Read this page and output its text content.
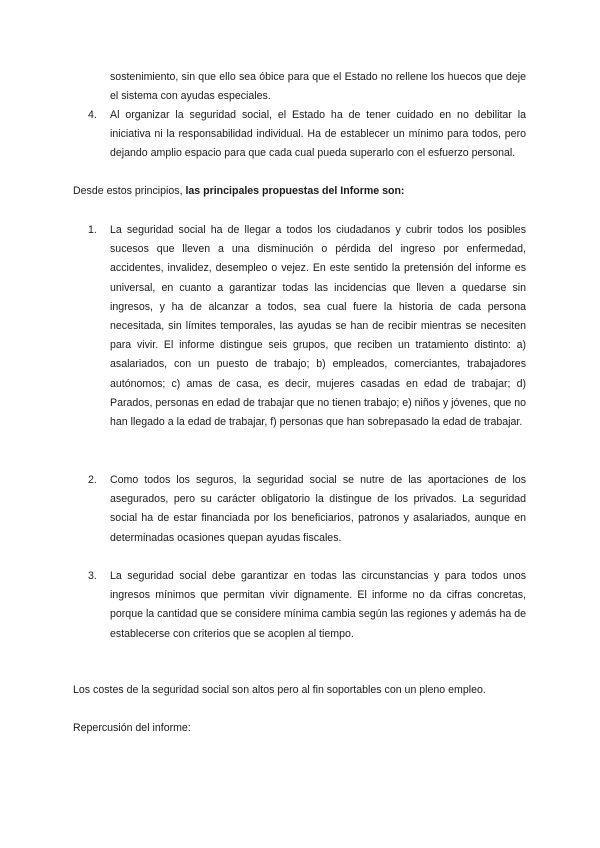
sostenimiento, sin que ello sea óbice para que el Estado no rellene los huecos que deje el sistema con ayudas especiales.

4.	Al organizar la seguridad social, el Estado ha de tener cuidado en no debilitar la iniciativa ni la responsabilidad individual. Ha de establecer un mínimo para todos, pero dejando amplio espacio para que cada cual pueda superarlo con el esfuerzo personal.

Desde estos principios, las principales propuestas del Informe son:

1.	La seguridad social ha de llegar a todos los ciudadanos y cubrir todos los posibles sucesos que lleven a una disminución o pérdida del ingreso por enfermedad, accidentes, invalidez, desempleo o vejez. En este sentido la pretensión del informe es universal, en cuanto a garantizar todas las incidencias que lleven a quedarse sin ingresos, y ha de alcanzar a todos, sea cual fuere la historia de cada persona necesitada, sin límites temporales, las ayudas se han de recibir mientras se necesiten para vivir. El informe distingue seis grupos, que reciben un tratamiento distinto: a) asalariados, con un puesto de trabajo; b) empleados, comerciantes, trabajadores autónomos; c) amas de casa, es decir, mujeres casadas en edad de trabajar; d) Parados, personas en edad de trabajar que no tienen trabajo; e) niños y jóvenes, que no han llegado a la edad de trabajar, f) personas que han sobrepasado la edad de trabajar.

2.	Como todos los seguros, la seguridad social se nutre de las aportaciones de los asegurados, pero su carácter obligatorio la distingue de los privados. La seguridad social ha de estar financiada por los beneficiarios, patronos y asalariados, aunque en determinadas ocasiones quepan ayudas fiscales.

3.	La seguridad social debe garantizar en todas las circunstancias y para todos unos ingresos mínimos que permitan vivir dignamente. El informe no da cifras concretas, porque la cantidad que se considere mínima cambia según las regiones y además ha de establecerse con criterios que se acoplen al tiempo.

Los costes de la seguridad social son altos pero al fin soportables con un pleno empleo.

Repercusión del informe:
